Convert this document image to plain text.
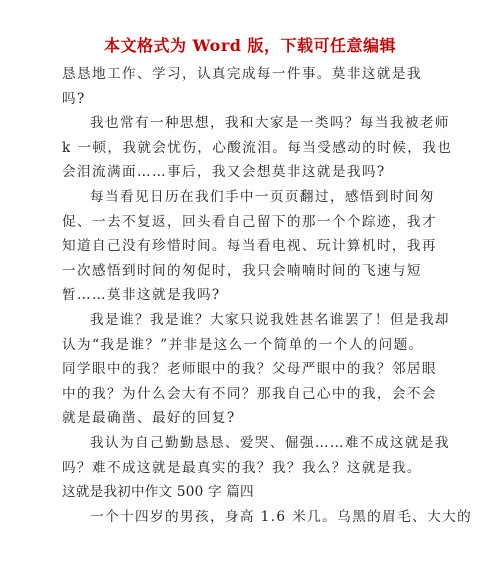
本文格式为 Word 版，下载可任意编辑
恳恳地工作、学习，认真完成每一件事。莫非这就是我
吗?
我也常有一种思想，我和大家是一类吗？每当我被老师
k 一顿，我就会忧伤，心酸流泪。每当受感动的时候，我也
会泪流满面……事后，我又会想莫非这就是我吗?
每当看见日历在我们手中一页页翻过，感悟到时间匆
促、一去不复返，回头看自己留下的那一个个踪迹，我才
知道自己没有珍惜时间。每当看电视、玩计算机时，我再
一次感悟到时间的匆促时，我只会喃喃时间的飞速与短
暂……莫非这就是我吗?
我是谁？我是谁？大家只说我姓甚名谁罢了！但是我却
认为“我是谁？”并非是这么一个简单的一个人的问题。
同学眼中的我？老师眼中的我？父母严眼中的我？邻居眼
中的我？为什么会大有不同？那我自己心中的我，会不会
就是最确凿、最好的回复?
我认为自己勤勤恳恳、爱哭、倔强……难不成这就是我
吗？难不成这就是最真实的我？我？我么？这就是我。
这就是我初中作文 500 字 篇四
一个十四岁的男孩，身高 1.6 米几。乌黑的眉毛、大大的
